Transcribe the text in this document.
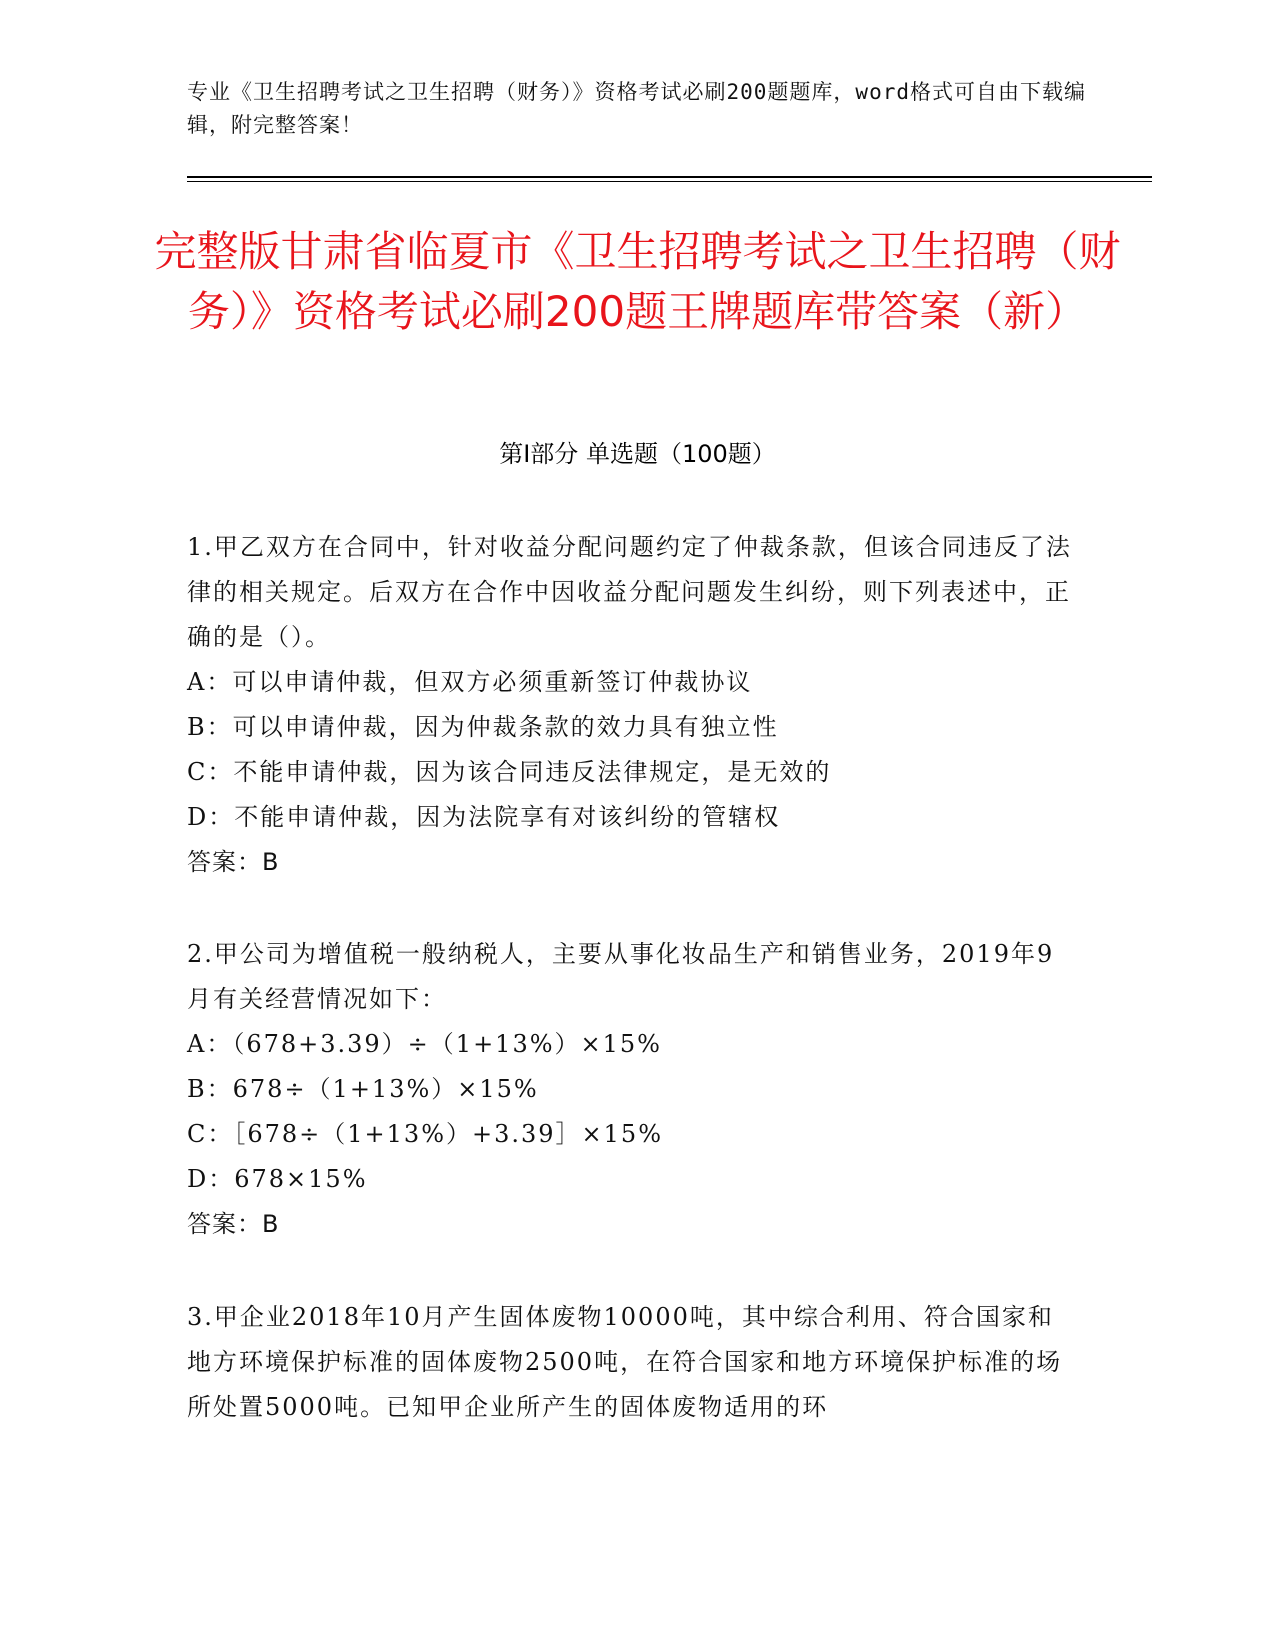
专业《卫生招聘考试之卫生招聘（财务）》资格考试必刷200题题库，word格式可自由下载编辑，附完整答案！
完整版甘肃省临夏市《卫生招聘考试之卫生招聘（财务）》资格考试必刷200题王牌题库带答案（新）
第Ⅰ部分 单选题（100题）
1.甲乙双方在合同中，针对收益分配问题约定了仲裁条款，但该合同违反了法律的相关规定。后双方在合作中因收益分配问题发生纠纷，则下列表述中，正确的是（）。
A：可以申请仲裁，但双方必须重新签订仲裁协议
B：可以申请仲裁，因为仲裁条款的效力具有独立性
C：不能申请仲裁，因为该合同违反法律规定，是无效的
D：不能申请仲裁，因为法院享有对该纠纷的管辖权
答案：B
2.甲公司为增值税一般纳税人，主要从事化妆品生产和销售业务，2019年9月有关经营情况如下：
A：（678+3.39）÷（1+13%）×15%
B：678÷（1+13%）×15%
C：［678÷（1+13%）+3.39］×15%
D：678×15%
答案：B
3.甲企业2018年10月产生固体废物10000吨，其中综合利用、符合国家和地方环境保护标准的固体废物2500吨，在符合国家和地方环境保护标准的场所处置5000吨。已知甲企业所产生的固体废物适用的环
